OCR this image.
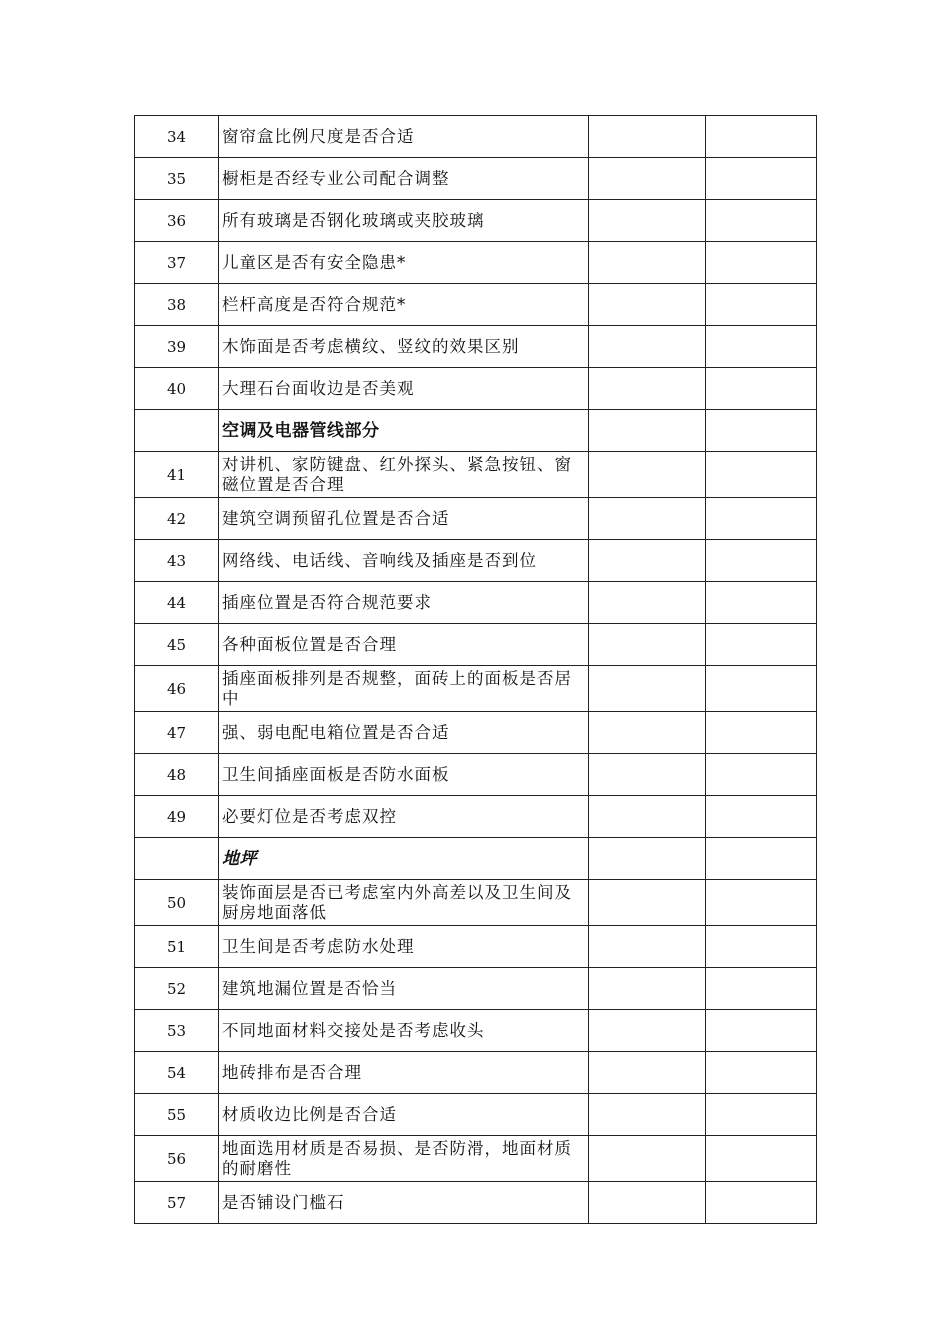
34	窗帘盒比例尺度是否合适		
35	橱柜是否经专业公司配合调整		
36	所有玻璃是否钢化玻璃或夹胶玻璃		
37	儿童区是否有安全隐患*		
38	栏杆高度是否符合规范*		
39	木饰面是否考虑横纹、竖纹的效果区别		
40	大理石台面收边是否美观		
	空调及电器管线部分		
41	对讲机、家防键盘、红外探头、紧急按钮、窗磁位置是否合理		
42	建筑空调预留孔位置是否合适		
43	网络线、电话线、音响线及插座是否到位		
44	插座位置是否符合规范要求		
45	各种面板位置是否合理		
46	插座面板排列是否规整，面砖上的面板是否居中		
47	强、弱电配电箱位置是否合适		
48	卫生间插座面板是否防水面板		
49	必要灯位是否考虑双控		
	地坪		
50	装饰面层是否已考虑室内外高差以及卫生间及厨房地面落低		
51	卫生间是否考虑防水处理		
52	建筑地漏位置是否恰当		
53	不同地面材料交接处是否考虑收头		
54	地砖排布是否合理		
55	材质收边比例是否合适		
56	地面选用材质是否易损、是否防滑，地面材质的耐磨性		
57	是否铺设门槛石		
